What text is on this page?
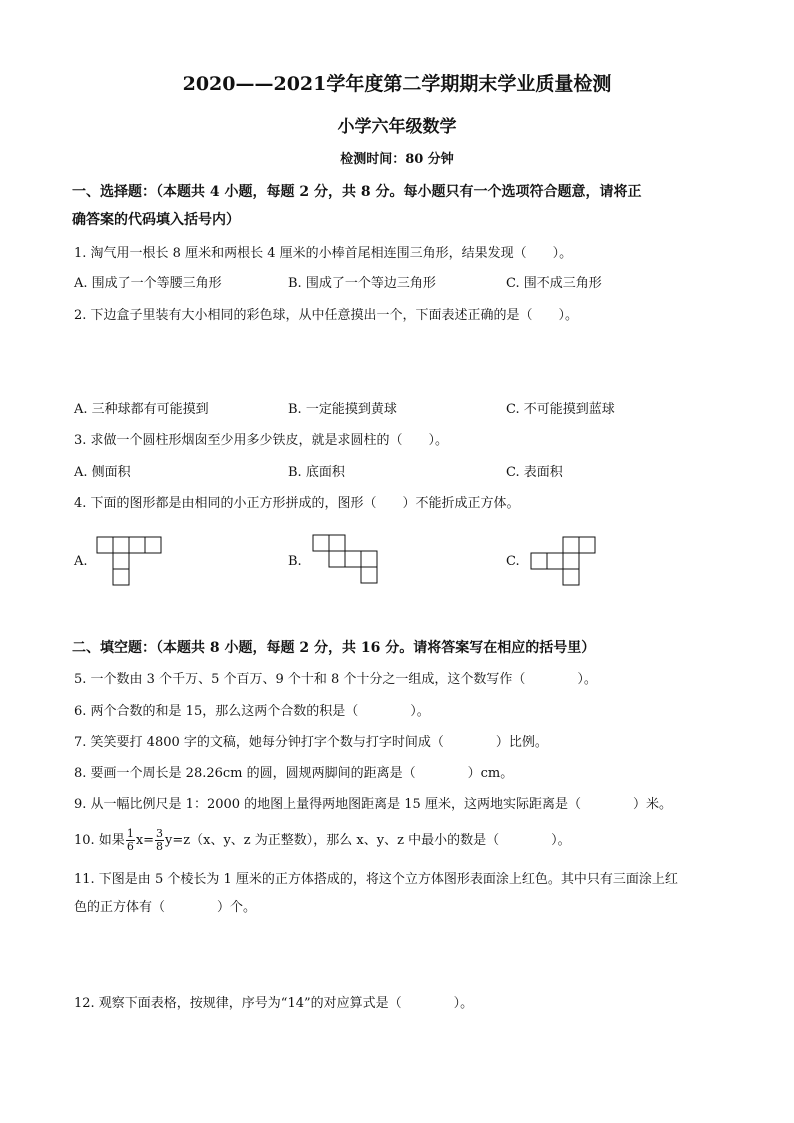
2020——2021学年度第二学期期末学业质量检测
小学六年级数学
检测时间：80 分钟
一、选择题：（本题共 4 小题，每题 2 分，共 8 分。每小题只有一个选项符合题意，请将正
确答案的代码填入括号内）
1. 淘气用一根长 8 厘米和两根长 4 厘米的小棒首尾相连围三角形，结果发现（　　）。
A. 围成了一个等腰三角形	B. 围成了一个等边三角形	C. 围不成三角形
2. 下边盒子里装有大小相同的彩色球，从中任意摸出一个，下面表述正确的是（　　）。
A. 三种球都有可能摸到	B. 一定能摸到黄球	C. 不可能摸到蓝球
3. 求做一个圆柱形烟囱至少用多少铁皮，就是求圆柱的（　　）。
A. 侧面积	B. 底面积	C. 表面积
4. 下面的图形都是由相同的小正方形拼成的，图形（　　）不能折成正方体。
A.	B.	C.
二、填空题：（本题共 8 小题，每题 2 分，共 16 分。请将答案写在相应的括号里）
5. 一个数由 3 个千万、5 个百万、9 个十和 8 个十分之一组成，这个数写作（　　　　）。
6. 两个合数的和是 15，那么这两个合数的积是（　　　　）。
7. 笑笑要打 4800 字的文稿，她每分钟打字个数与打字时间成（　　　　）比例。
8. 要画一个周长是 28.26cm 的圆，圆规两脚间的距离是（　　　　）cm。
9. 从一幅比例尺是 1：2000 的地图上量得两地图距离是 15 厘米，这两地实际距离是（　　　　）米。
10. 如果 $\frac{1}{6} x= \frac{3}{8} y=z(x$、y、z 为正整数），那么 x、y、z 中最小的数是（　　　　）。
11. 下图是由 5 个棱长为 1 厘米的正方体搭成的，将这个立方体图形表面涂上红色。其中只有三面涂上红
色的正方体有（　　　　）个。
12. 观察下面表格，按规律，序号为“14”的对应算式是（　　　　）。
